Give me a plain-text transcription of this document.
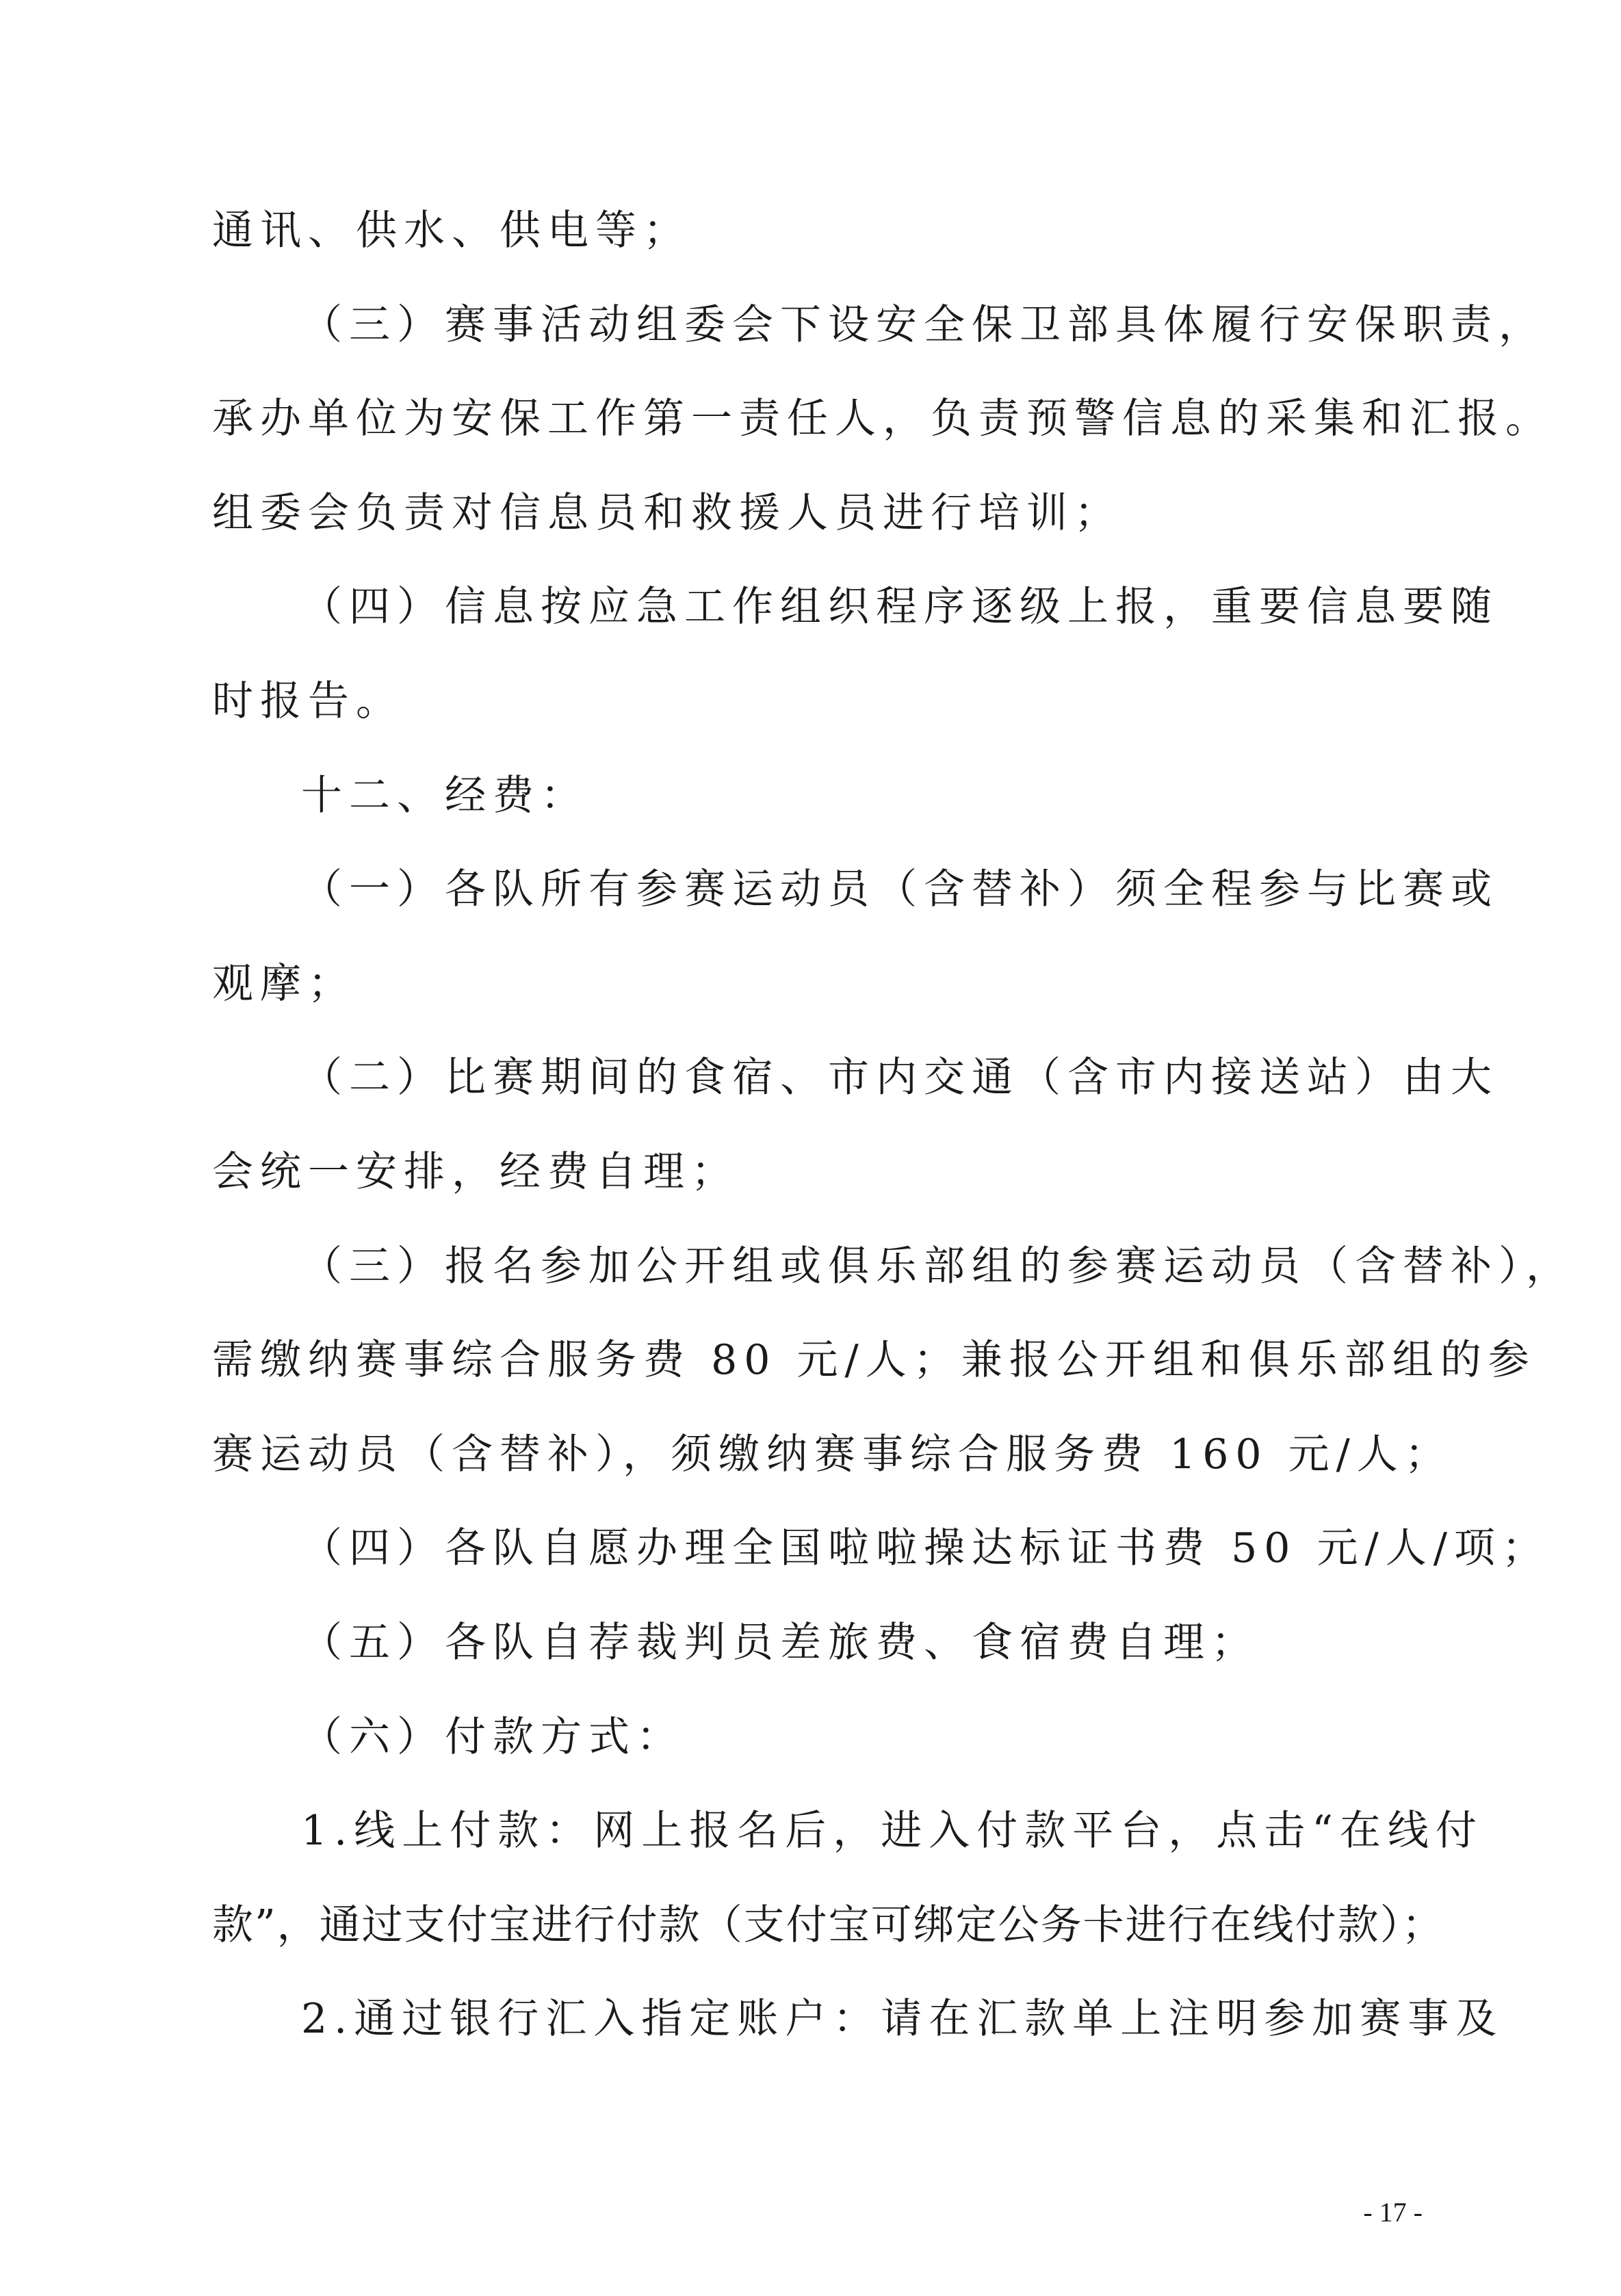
通讯、供水、供电等；
（三）赛事活动组委会下设安全保卫部具体履行安保职责，
承办单位为安保工作第一责任人，负责预警信息的采集和汇报。
组委会负责对信息员和救援人员进行培训；
（四）信息按应急工作组织程序逐级上报，重要信息要随
时报告。
十二、经费：
（一）各队所有参赛运动员（含替补）须全程参与比赛或
观摩；
（二）比赛期间的食宿、市内交通（含市内接送站）由大
会统一安排，经费自理；
（三）报名参加公开组或俱乐部组的参赛运动员（含替补），
需缴纳赛事综合服务费 80 元/人；兼报公开组和俱乐部组的参
赛运动员（含替补），须缴纳赛事综合服务费 160 元/人；
（四）各队自愿办理全国啦啦操达标证书费 50 元/人/项；
（五）各队自荐裁判员差旅费、食宿费自理；
（六）付款方式：
1.线上付款：网上报名后，进入付款平台，点击“在线付
款”，通过支付宝进行付款（支付宝可绑定公务卡进行在线付款）；
2.通过银行汇入指定账户：请在汇款单上注明参加赛事及
- 17 -
